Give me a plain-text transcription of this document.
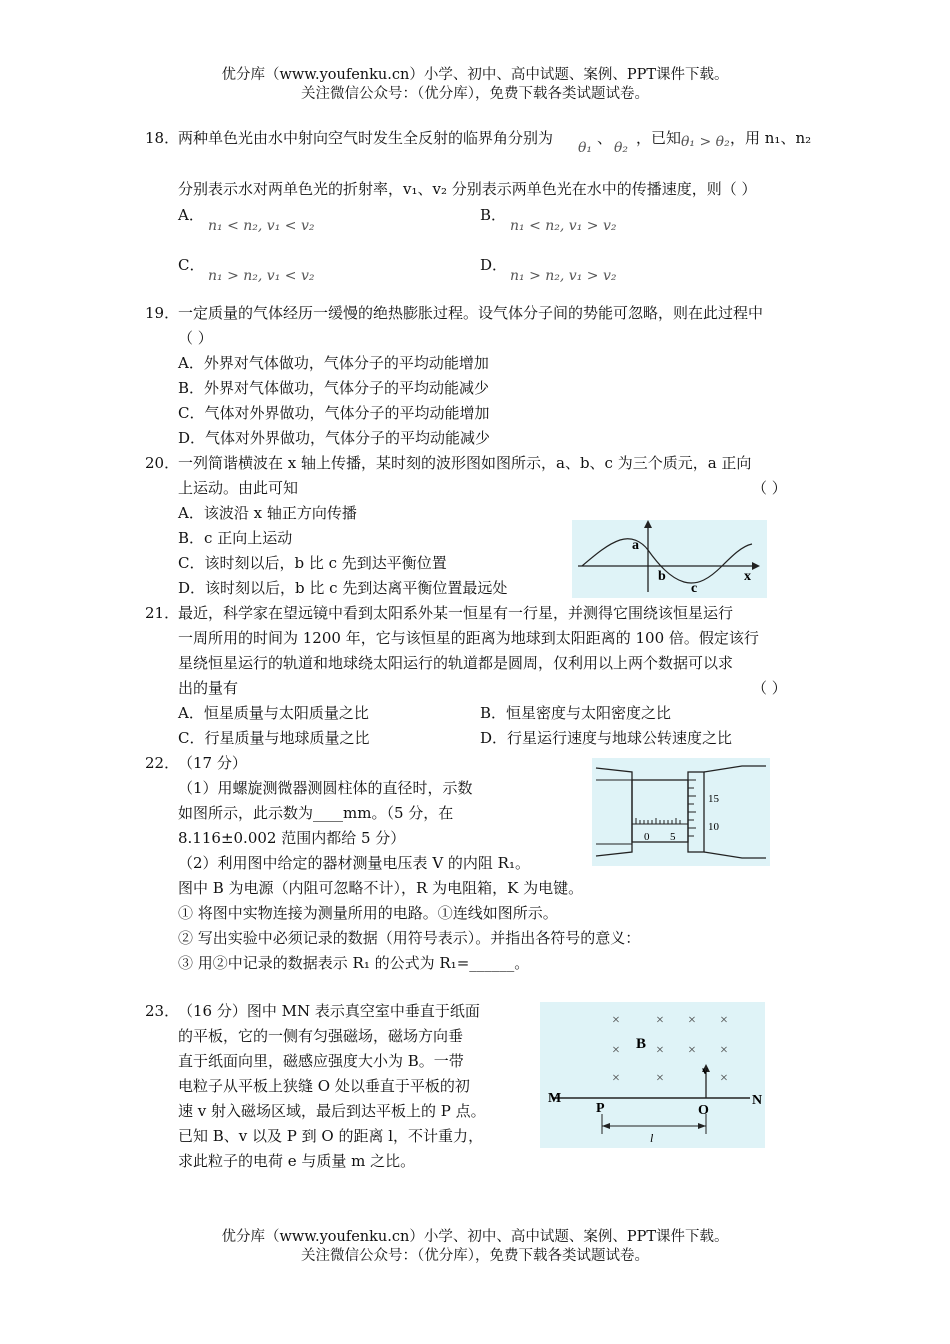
优分库（www.youfenku.cn）小学、初中、高中试题、案例、PPT课件下载。
关注微信公众号：（优分库），免费下载各类试题试卷。
18．
两种单色光由水中射向空气时发生全反射的临界角分别为
θ₁
、
θ₂
，已知 θ₁ > θ₂ ，用 n₁、n₂
分别表示水对两单色光的折射率，v₁、v₂ 分别表示两单色光在水中的传播速度，则（ ）
A．
n₁ < n₂, v₁ < v₂
B．
n₁ < n₂, v₁ > v₂
C．
n₁ > n₂, v₁ < v₂
D．
n₁ > n₂, v₁ > v₂
19．
一定质量的气体经历一缓慢的绝热膨胀过程。设气体分子间的势能可忽略，则在此过程中
（ ）
A．外界对气体做功，气体分子的平均动能增加
B．外界对气体做功，气体分子的平均动能减少
C．气体对外界做功，气体分子的平均动能增加
D．气体对外界做功，气体分子的平均动能减少
20．
一列简谐横波在 x 轴上传播，某时刻的波形图如图所示，a、b、c 为三个质元，a 正向
上运动。由此可知	（ ）
A．该波沿 x 轴正方向传播
B．c 正向上运动
C．该时刻以后，b 比 c 先到达平衡位置
D．该时刻以后，b 比 c 先到达离平衡位置最远处
a
b
c
x
21．
最近，科学家在望远镜中看到太阳系外某一恒星有一行星，并测得它围绕该恒星运行
一周所用的时间为 1200 年，它与该恒星的距离为地球到太阳距离的 100 倍。假定该行
星绕恒星运行的轨道和地球绕太阳运行的轨道都是圆周，仅利用以上两个数据可以求
出的量有	（ ）
A．恒星质量与太阳质量之比	B．恒星密度与太阳密度之比
C．行星质量与地球质量之比	D．行星运行速度与地球公转速度之比
22．
（17 分）
（1）用螺旋测微器测圆柱体的直径时，示数
如图所示，此示数为____mm。（5 分，在
8.116±0.002 范围内都给 5 分）
（2）利用图中给定的器材测量电压表 V 的内阻 R₁。
图中 B 为电源（内阻可忽略不计），R 为电阻箱，K 为电键。
① 将图中实物连接为测量所用的电路。①连线如图所示。
② 写出实验中必须记录的数据（用符号表示）。并指出各符号的意义：
③ 用②中记录的数据表示 R₁ 的公式为 R₁=______。
15
10
0 5
23．
（16 分）图中 MN 表示真空室中垂直于纸面
的平板，它的一侧有匀强磁场，磁场方向垂
直于纸面向里，磁感应强度大小为 B。一带
电粒子从平板上狭缝 O 处以垂直于平板的初
速 v 射入磁场区域，最后到达平板上的 P 点。
已知 B、v 以及 P 到 O 的距离 l，不计重力，
求此粒子的电荷 e 与质量 m 之比。
×	× × ×
×	× × ×
×	×	×
B
M	N
v
P	O
l
优分库（www.youfenku.cn）小学、初中、高中试题、案例、PPT课件下载。
关注微信公众号：（优分库），免费下载各类试题试卷。
